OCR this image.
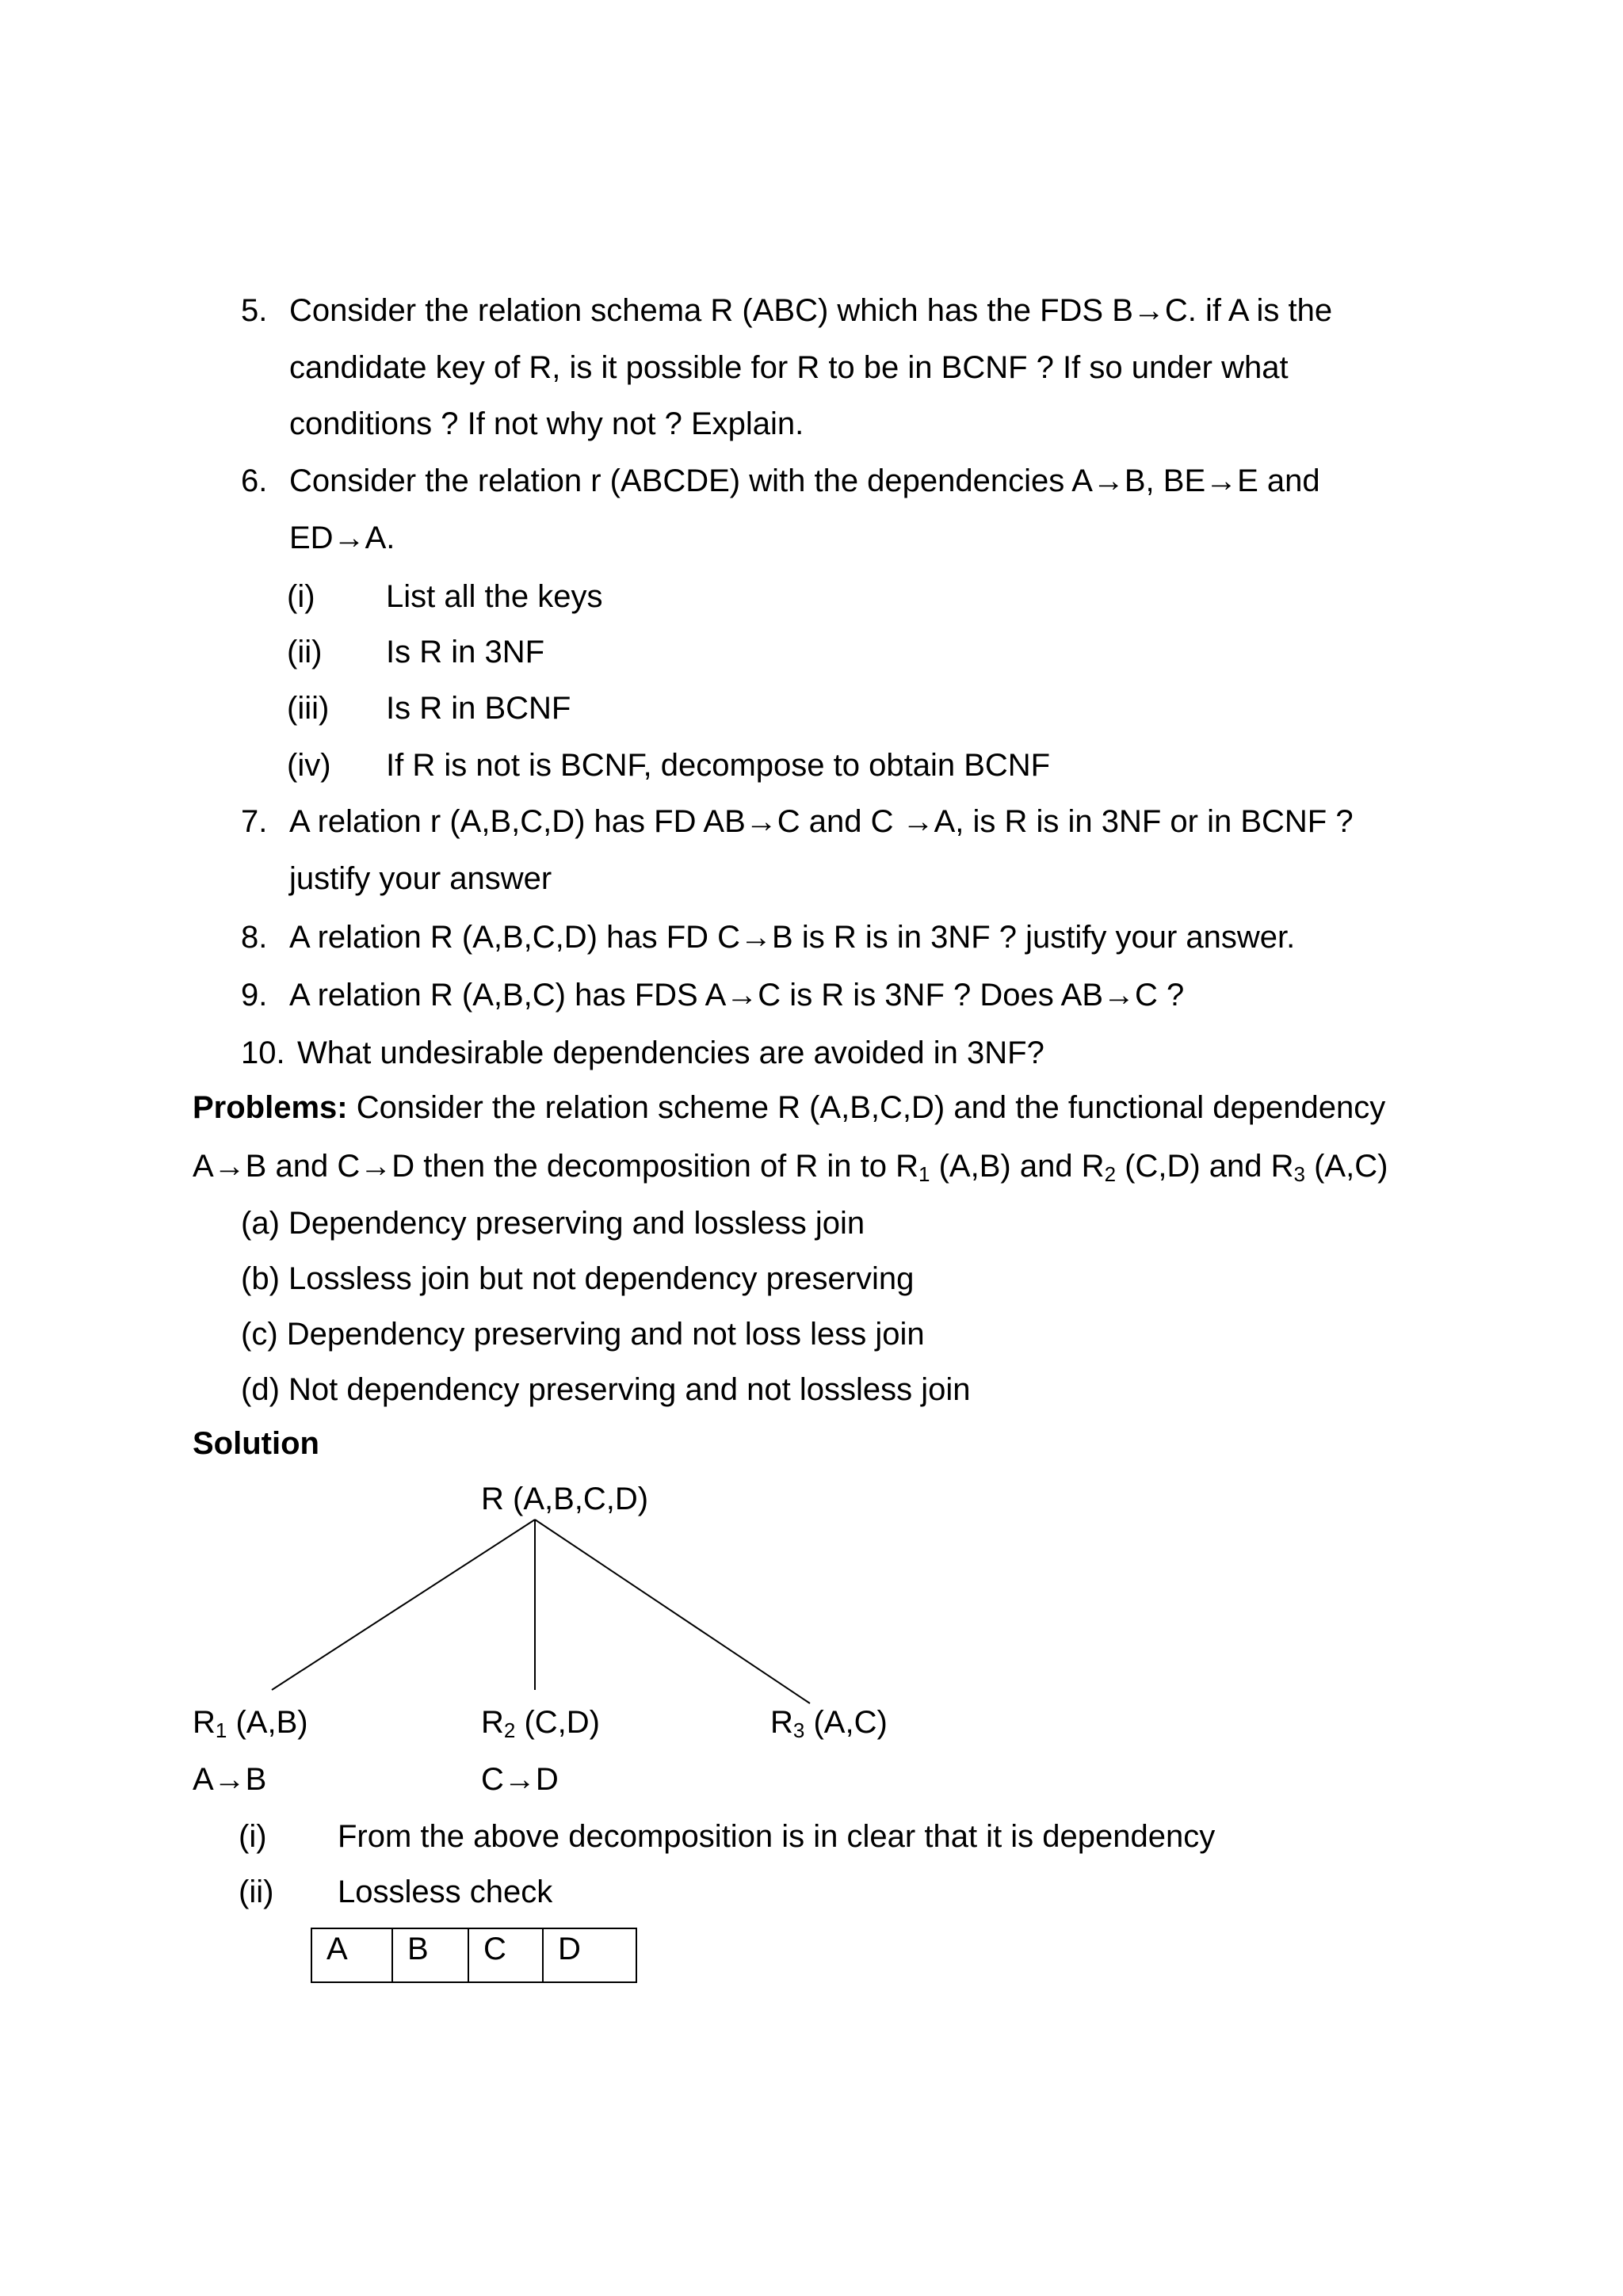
5. Consider the relation schema R (ABC) which has the FDS B→C. if A is the
candidate key of R, is it possible for R to be in BCNF ? If so under what
conditions ? If not why not ? Explain.
6. Consider the relation r (ABCDE) with the dependencies A→B, BE→E and
ED→A.
(i) List all the keys
(ii) Is R in 3NF
(iii) Is R in BCNF
(iv) If R is not is BCNF, decompose to obtain BCNF
7. A relation r (A,B,C,D) has FD AB→C and C →A, is R is in 3NF or in BCNF ?
justify your answer
8. A relation R (A,B,C,D) has FD C→B is R is in 3NF ? justify your answer.
9. A relation R (A,B,C) has FDS A→C is R is 3NF ? Does AB→C ?
10. What undesirable dependencies are avoided in 3NF?
Problems: Consider the relation scheme R (A,B,C,D) and the functional dependency
A→B and C→D then the decomposition of R in to $R_1$ (A,B) and $R_2$ (C,D) and $R_3$ (A,C)
(a) Dependency preserving and lossless join
(b) Lossless join but not dependency preserving
(c) Dependency preserving and not loss less join
(d) Not dependency preserving and not lossless join
Solution
R (A,B,C,D)
$R_1$ (A,B)	$R_2$ (C,D)	$R_3$ (A,C)
A→B	C→D
(i) From the above decomposition is in clear that it is dependency
(ii) Lossless check
A	B	C	D
